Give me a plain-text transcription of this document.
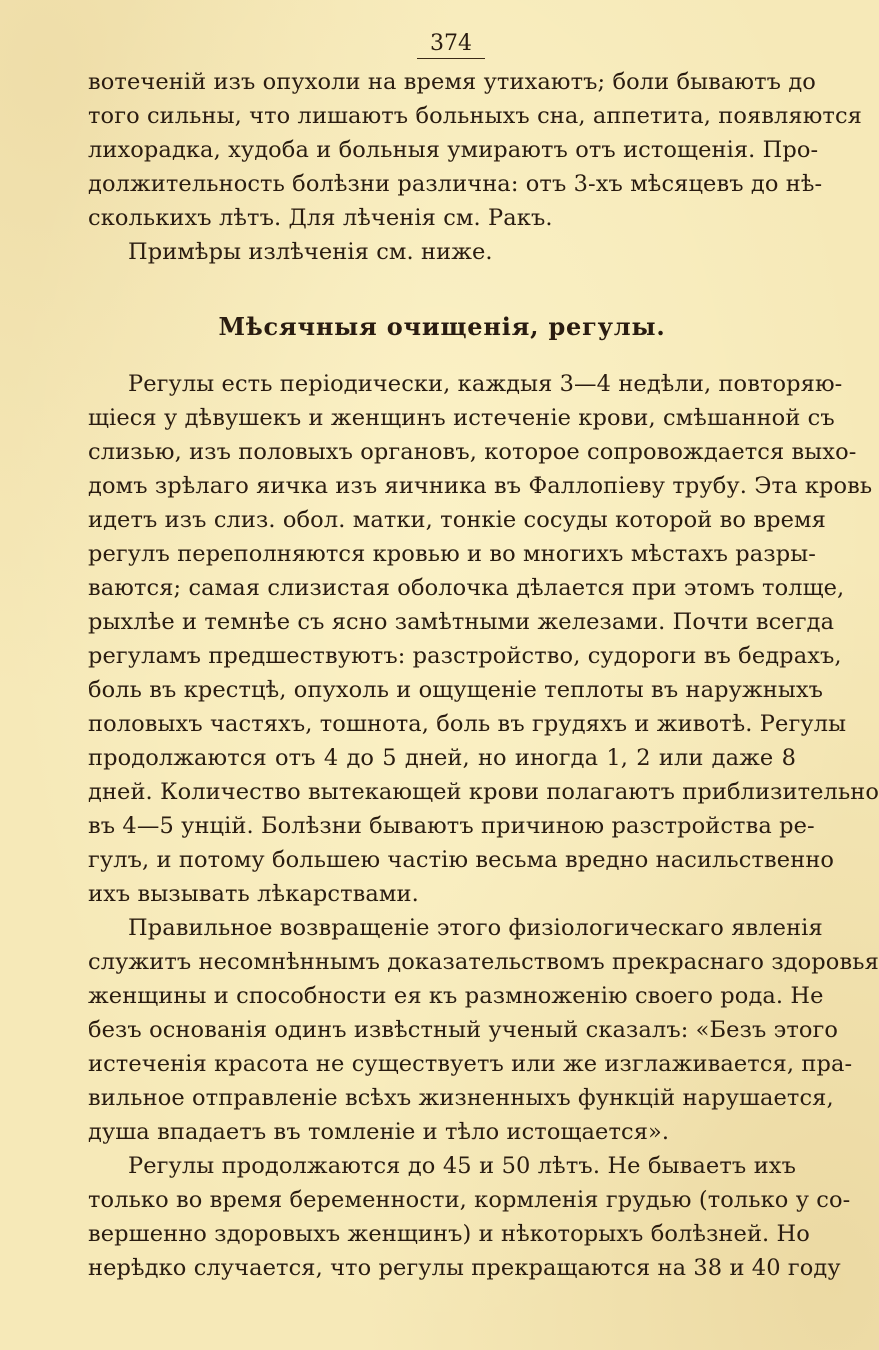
374
вотеченій изъ опухоли на время утихаютъ; боли бываютъ до
того сильны, что лишаютъ больныхъ сна, аппетита, появляются
лихорадка, худоба и больныя умираютъ отъ истощенія. Про-
должительность болѣзни различна: отъ 3-хъ мѣсяцевъ до нѣ-
сколькихъ лѣтъ. Для лѣченія см. Ракъ.
Примѣры излѣченія см. ниже.
Мѣсячныя очищенія, регулы.
Регулы есть періодически, каждыя 3—4 недѣли, повторяю-
щіеся у дѣвушекъ и женщинъ истеченіе крови, смѣшанной съ
слизью, изъ половыхъ органовъ, которое сопровождается выхо-
домъ зрѣлаго яичка изъ яичника въ Фаллопіеву трубу. Эта кровь
идетъ изъ слиз. обол. матки, тонкіе сосуды которой во время
регулъ переполняются кровью и во многихъ мѣстахъ разры-
ваются; самая слизистая оболочка дѣлается при этомъ толще,
рыхлѣе и темнѣе съ ясно замѣтными железами. Почти всегда
регуламъ предшествуютъ: разстройство, судороги въ бедрахъ,
боль въ крестцѣ, опухоль и ощущеніе теплоты въ наружныхъ
половыхъ частяхъ, тошнота, боль въ грудяхъ и животѣ. Регулы
продолжаются отъ 4 до 5 дней, но иногда 1, 2 или даже 8
дней. Количество вытекающей крови полагаютъ приблизительно
въ 4—5 унцій. Болѣзни бываютъ причиною разстройства ре-
гулъ, и потому большею частію весьма вредно насильственно
ихъ вызывать лѣкарствами.
Правильное возвращеніе этого физіологическаго явленія
служитъ несомнѣннымъ доказательствомъ прекраснаго здоровья
женщины и способности ея къ размноженію своего рода. Не
безъ основанія одинъ извѣстный ученый сказалъ: «Безъ этого
истеченія красота не существуетъ или же изглаживается, пра-
вильное отправленіе всѣхъ жизненныхъ функцій нарушается,
душа впадаетъ въ томленіе и тѣло истощается».
Регулы продолжаются до 45 и 50 лѣтъ. Не бываетъ ихъ
только во время беременности, кормленія грудью (только у со-
вершенно здоровыхъ женщинъ) и нѣкоторыхъ болѣзней. Но
нерѣдко случается, что регулы прекращаются на 38 и 40 году
